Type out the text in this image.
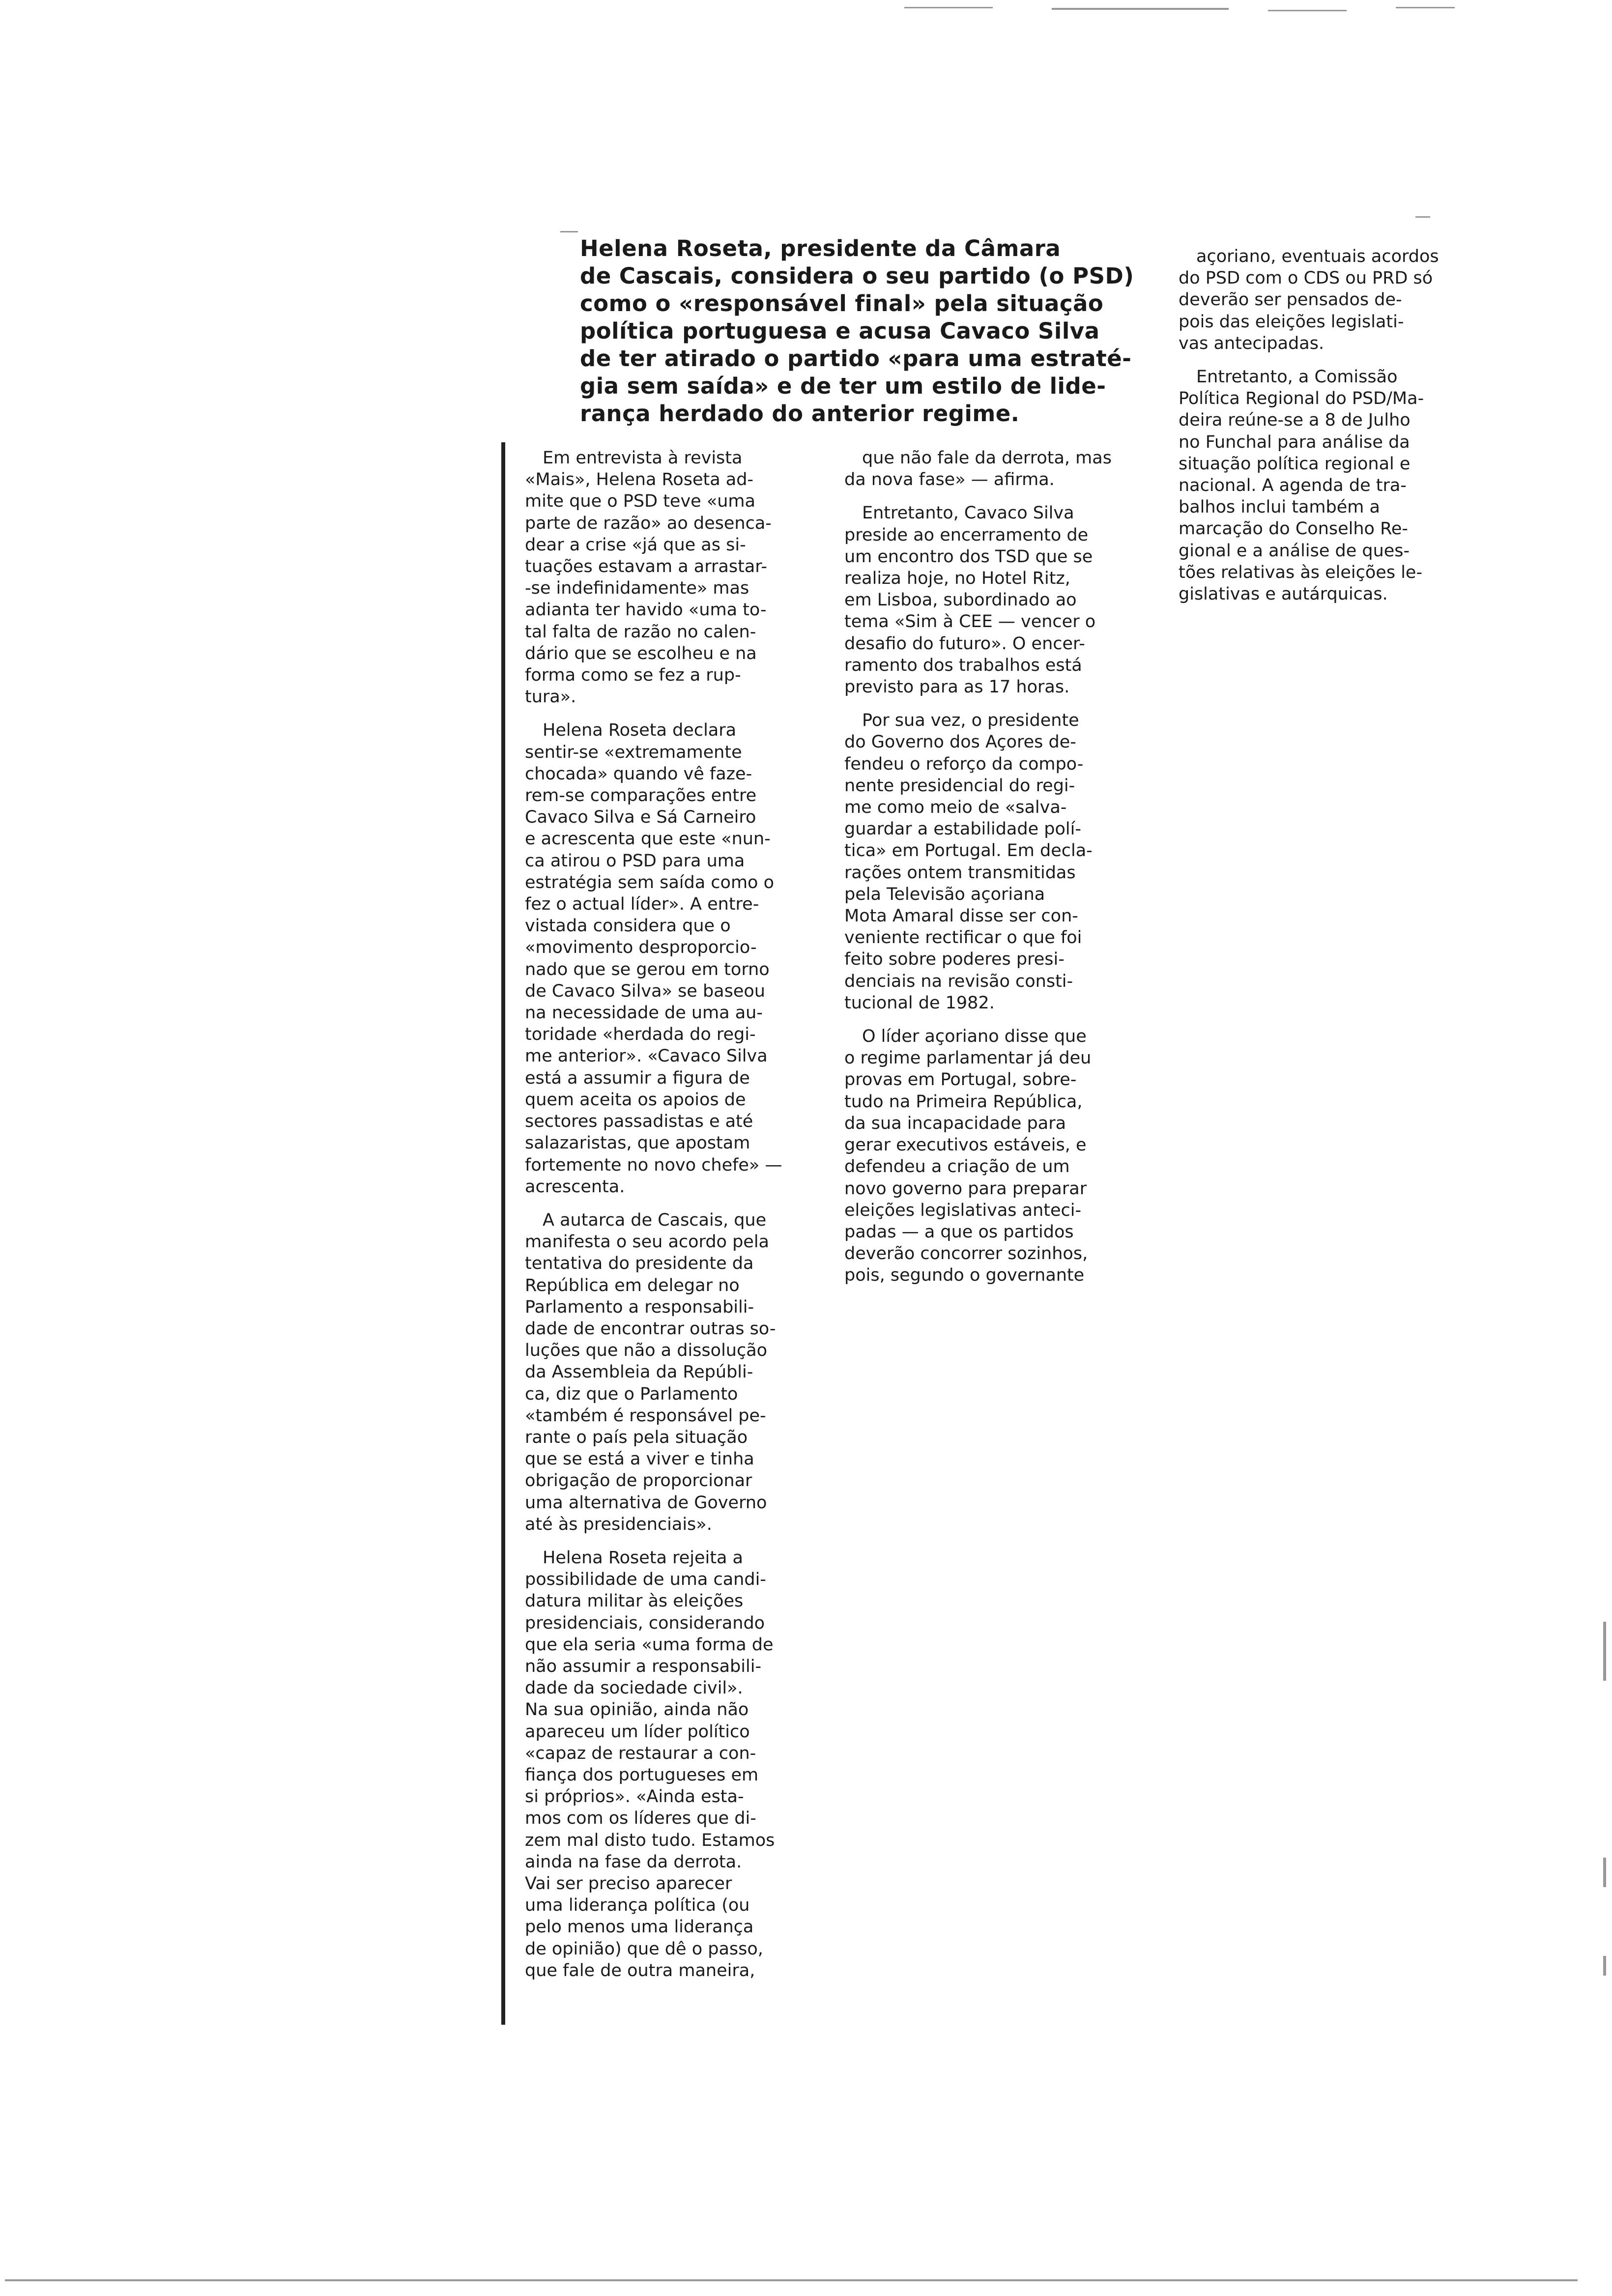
Helena Roseta, presidente da Câmara
de Cascais, considera o seu partido (o PSD)
como o «responsável final» pela situação
política portuguesa e acusa Cavaco Silva
de ter atirado o partido «para uma estraté-
gia sem saída» e de ter um estilo de lide-
rança herdado do anterior regime.
Em entrevista à revista
«Mais», Helena Roseta ad-
mite que o PSD teve «uma
parte de razão» ao desenca-
dear a crise «já que as si-
tuações estavam a arrastar-
-se indefinidamente» mas
adianta ter havido «uma to-
tal falta de razão no calen-
dário que se escolheu e na
forma como se fez a rup-
tura».
Helena Roseta declara
sentir-se «extremamente
chocada» quando vê faze-
rem-se comparações entre
Cavaco Silva e Sá Carneiro
e acrescenta que este «nun-
ca atirou o PSD para uma
estratégia sem saída como o
fez o actual líder». A entre-
vistada considera que o
«movimento desproporcio-
nado que se gerou em torno
de Cavaco Silva» se baseou
na necessidade de uma au-
toridade «herdada do regi-
me anterior». «Cavaco Silva
está a assumir a figura de
quem aceita os apoios de
sectores passadistas e até
salazaristas, que apostam
fortemente no novo chefe» —
acrescenta.
A autarca de Cascais, que
manifesta o seu acordo pela
tentativa do presidente da
República em delegar no
Parlamento a responsabili-
dade de encontrar outras so-
luções que não a dissolução
da Assembleia da Repúbli-
ca, diz que o Parlamento
«também é responsável pe-
rante o país pela situação
que se está a viver e tinha
obrigação de proporcionar
uma alternativa de Governo
até às presidenciais».
Helena Roseta rejeita a
possibilidade de uma candi-
datura militar às eleições
presidenciais, considerando
que ela seria «uma forma de
não assumir a responsabili-
dade da sociedade civil».
Na sua opinião, ainda não
apareceu um líder político
«capaz de restaurar a con-
fiança dos portugueses em
si próprios». «Ainda esta-
mos com os líderes que di-
zem mal disto tudo. Estamos
ainda na fase da derrota.
Vai ser preciso aparecer
uma liderança política (ou
pelo menos uma liderança
de opinião) que dê o passo,
que fale de outra maneira,
que não fale da derrota, mas
da nova fase» — afirma.
Entretanto, Cavaco Silva
preside ao encerramento de
um encontro dos TSD que se
realiza hoje, no Hotel Ritz,
em Lisboa, subordinado ao
tema «Sim à CEE — vencer o
desafio do futuro». O encer-
ramento dos trabalhos está
previsto para as 17 horas.
Por sua vez, o presidente
do Governo dos Açores de-
fendeu o reforço da compo-
nente presidencial do regi-
me como meio de «salva-
guardar a estabilidade polí-
tica» em Portugal. Em decla-
rações ontem transmitidas
pela Televisão açoriana
Mota Amaral disse ser con-
veniente rectificar o que foi
feito sobre poderes presi-
denciais na revisão consti-
tucional de 1982.
O líder açoriano disse que
o regime parlamentar já deu
provas em Portugal, sobre-
tudo na Primeira República,
da sua incapacidade para
gerar executivos estáveis, e
defendeu a criação de um
novo governo para preparar
eleições legislativas anteci-
padas — a que os partidos
deverão concorrer sozinhos,
pois, segundo o governante
açoriano, eventuais acordos
do PSD com o CDS ou PRD só
deverão ser pensados de-
pois das eleições legislati-
vas antecipadas.
Entretanto, a Comissão
Política Regional do PSD/Ma-
deira reúne-se a 8 de Julho
no Funchal para análise da
situação política regional e
nacional. A agenda de tra-
balhos inclui também a
marcação do Conselho Re-
gional e a análise de ques-
tões relativas às eleições le-
gislativas e autárquicas.
